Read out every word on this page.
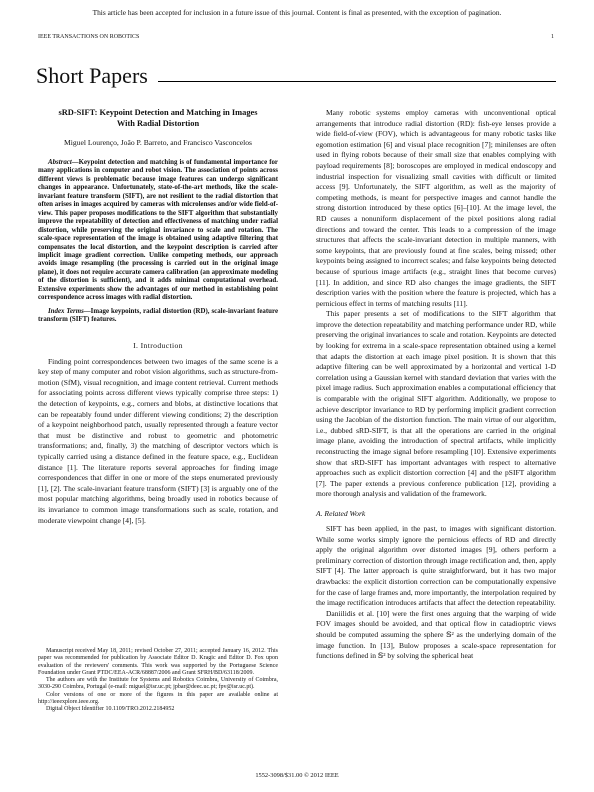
This article has been accepted for inclusion in a future issue of this journal. Content is final as presented, with the exception of pagination.
IEEE TRANSACTIONS ON ROBOTICS	1
Short Papers
sRD-SIFT: Keypoint Detection and Matching in Images With Radial Distortion
Miguel Lourenço, João P. Barreto, and Francisco Vasconcelos
Abstract—Keypoint detection and matching is of fundamental importance for many applications in computer and robot vision. The association of points across different views is problematic because image features can undergo significant changes in appearance. Unfortunately, state-of-the-art methods, like the scale-invariant feature transform (SIFT), are not resilient to the radial distortion that often arises in images acquired by cameras with microlenses and/or wide field-of-view. This paper proposes modifications to the SIFT algorithm that substantially improve the repeatability of detection and effectiveness of matching under radial distortion, while preserving the original invariance to scale and rotation. The scale-space representation of the image is obtained using adaptive filtering that compensates the local distortion, and the keypoint description is carried after implicit image gradient correction. Unlike competing methods, our approach avoids image resampling (the processing is carried out in the original image plane), it does not require accurate camera calibration (an approximate modeling of the distortion is sufficient), and it adds minimal computational overhead. Extensive experiments show the advantages of our method in establishing point correspondence across images with radial distortion.
Index Terms—Image keypoints, radial distortion (RD), scale-invariant feature transform (SIFT) features.
I. Introduction

Finding point correspondences between two images of the same scene is a key step of many computer and robot vision algorithms, such as structure-from-motion (SfM), visual recognition, and image content retrieval. Current methods for associating points across different views typically comprise three steps: 1) the detection of keypoints, e.g., corners and blobs, at distinctive locations that can be repeatably found under different viewing conditions; 2) the description of a keypoint neighborhood patch, usually represented through a feature vector that must be distinctive and robust to geometric and photometric transformations; and, finally, 3) the matching of descriptor vectors which is typically carried using a distance defined in the feature space, e.g., Euclidean distance [1]. The literature reports several approaches for finding image correspondences that differ in one or more of the steps enumerated previously [1], [2]. The scale-invariant feature transform (SIFT) [3] is arguably one of the most popular matching algorithms, being broadly used in robotics because of its invariance to common image transformations such as scale, rotation, and moderate viewpoint change [4], [5].

Manuscript received May 18, 2011; revised October 27, 2011; accepted January 16, 2012. This paper was recommended for publication by Associate Editor D. Kragic and Editor D. Fox upon evaluation of the reviewers' comments. This work was supported by the Portuguese Science Foundation under Grant PTDC/EEA-ACR/68887/2006 and Grant SFRH/BD/63118/2009.

The authors are with the Institute for Systems and Robotics Coimbra, University of Coimbra, 3030-290 Coimbra, Portugal (e-mail: miguel@isr.uc.pt; jpbar@deec.uc.pt; fpv@isr.uc.pt).

Color versions of one or more of the figures in this paper are available online at http://ieeexplore.ieee.org.

Digital Object Identifier 10.1109/TRO.2012.2184952

Many robotic systems employ cameras with unconventional optical arrangements that introduce radial distortion (RD): fish-eye lenses provide a wide field-of-view (FOV), which is advantageous for many robotic tasks like egomotion estimation [6] and visual place recognition [7]; minilenses are often used in flying robots because of their small size that enables complying with payload requirements [8]; boroscopes are employed in medical endoscopy and industrial inspection for visualizing small cavities with difficult or limited access [9]. Unfortunately, the SIFT algorithm, as well as the majority of competing methods, is meant for perspective images and cannot handle the strong distortion introduced by these optics [6]–[10]. At the image level, the RD causes a nonuniform displacement of the pixel positions along radial directions and toward the center. This leads to a compression of the image structures that affects the scale-invariant detection in multiple manners, with some keypoints, that are previously found at fine scales, being missed; other keypoints being assigned to incorrect scales; and false keypoints being detected because of spurious image artifacts (e.g., straight lines that become curves) [11]. In addition, and since RD also changes the image gradients, the SIFT description varies with the position where the feature is projected, which has a pernicious effect in terms of matching results [11].

This paper presents a set of modifications to the SIFT algorithm that improve the detection repeatability and matching performance under RD, while preserving the original invariances to scale and rotation. Keypoints are detected by looking for extrema in a scale-space representation obtained using a kernel that adapts the distortion at each image pixel position. It is shown that this adaptive filtering can be well approximated by a horizontal and vertical 1-D correlation using a Gaussian kernel with standard deviation that varies with the pixel image radius. Such approximation enables a computational efficiency that is comparable with the original SIFT algorithm. Additionally, we propose to achieve descriptor invariance to RD by performing implicit gradient correction using the Jacobian of the distortion function. The main virtue of our algorithm, i.e., dubbed sRD-SIFT, is that all the operations are carried in the original image plane, avoiding the introduction of spectral artifacts, while implicitly reconstructing the image signal before resampling [10]. Extensive experiments show that sRD-SIFT has important advantages with respect to alternative approaches such as explicit distortion correction [4] and the pSIFT algorithm [7]. The paper extends a previous conference publication [12], providing a more thorough analysis and validation of the framework.

A. Related Work

SIFT has been applied, in the past, to images with significant distortion. While some works simply ignore the pernicious effects of RD and directly apply the original algorithm over distorted images [9], others perform a preliminary correction of distortion through image rectification and, then, apply SIFT [4]. The latter approach is quite straightforward, but it has two major drawbacks: the explicit distortion correction can be computationally expensive for the case of large frames and, more importantly, the interpolation required by the image rectification introduces artifacts that affect the detection repeatability.

Daniilidis et al. [10] were the first ones arguing that the warping of wide FOV images should be avoided, and that optical flow in catadioptric views should be computed assuming the sphere 𝕊² as the underlying domain of the image function. In [13], Bulow proposes a scale-space representation for functions defined in 𝕊² by solving the spherical heat

1552-3098/$31.00 © 2012 IEEE
